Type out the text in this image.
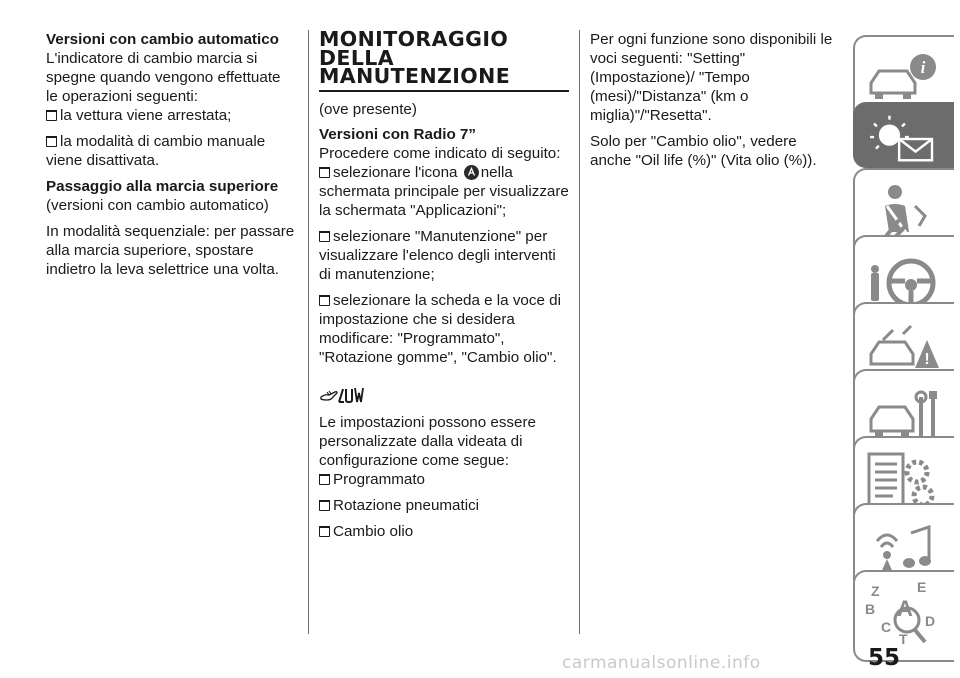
Versioni con cambio automatico

L'indicatore di cambio marcia si spegne quando vengono effettuate le operazioni seguenti:

la vettura viene arrestata;

la modalità di cambio manuale viene disattivata.

Passaggio alla marcia superiore

(versioni con cambio automatico)

In modalità sequenziale: per passare alla marcia superiore, spostare indietro la leva selettrice una volta.

MONITORAGGIO DELLA MANUTENZIONE

(ove presente)

Versioni con Radio 7”

Procedere come indicato di seguito:

selezionare l'icona nella schermata principale per visualizzare la schermata "Applicazioni";

selezionare "Manutenzione" per visualizzare l'elenco degli interventi di manutenzione;

selezionare la scheda e la voce di impostazione che si desidera modificare: "Programmato", "Rotazione gomme", "Cambio olio".

Le impostazioni possono essere personalizzate dalla videata di configurazione come segue:

Programmato

Rotazione pneumatici

Cambio olio

Per ogni funzione sono disponibili le voci seguenti: "Setting" (Impostazione)/ "Tempo (mesi)/"Distanza" (km o miglia)"/"Resetta".

Solo per "Cambio olio", vedere anche "Oil life (%)" (Vita olio (%)).

i
!
Z	E
B A
C D
T
55
carmanualsonline.info
